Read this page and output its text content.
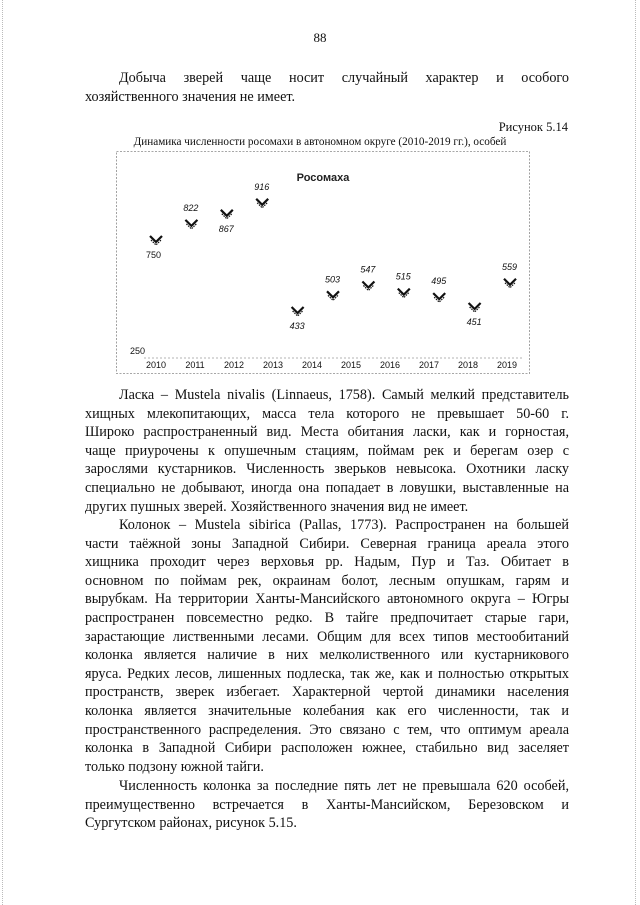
88
Добыча зверей чаще носит случайный характер и особого
хозяйственного значения не имеет.
Рисунок 5.14
Динамика численности росомахи в автономном округе (2010-2019 гг.), особей
Росомаха
750
822
867
916
433
503
547
515 495
451
559
2010 2011 2012 2013 2014 2015 2016 2017 2018 2019
250
Ласка – Mustela nivalis (Linnaeus, 1758). Самый мелкий представитель
хищных млекопитающих, масса тела которого не превышает 50-60 г.
Широко распространенный вид. Места обитания ласки, как и горностая,
чаще приурочены к опушечным стациям, поймам рек и берегам озер с
зарослями кустарников. Численность зверьков невысока. Охотники ласку
специально не добывают, иногда она попадает в ловушки, выставленные на
других пушных зверей. Хозяйственного значения вид не имеет.
Колонок – Mustela sibirica (Pallas, 1773). Распространен на большей
части таёжной зоны Западной Сибири. Северная граница ареала этого
хищника проходит через верховья рр. Надым, Пур и Таз. Обитает в
основном по поймам рек, окраинам болот, лесным опушкам, гарям и
вырубкам. На территории Ханты-Мансийского автономного округа – Югры
распространен повсеместно редко. В тайге предпочитает старые гари,
зарастающие лиственными лесами. Общим для всех типов местообитаний
колонка является наличие в них мелколиственного или кустарникового
яруса. Редких лесов, лишенных подлеска, так же, как и полностью открытых
пространств, зверек избегает. Характерной чертой динамики населения
колонка является значительные колебания как его численности, так и
пространственного распределения. Это связано с тем, что оптимум ареала
колонка в Западной Сибири расположен южнее, стабильно вид заселяет
только подзону южной тайги.
Численность колонка за последние пять лет не превышала 620 особей,
преимущественно встречается в Ханты-Мансийском, Березовском и
Сургутском районах, рисунок 5.15.
